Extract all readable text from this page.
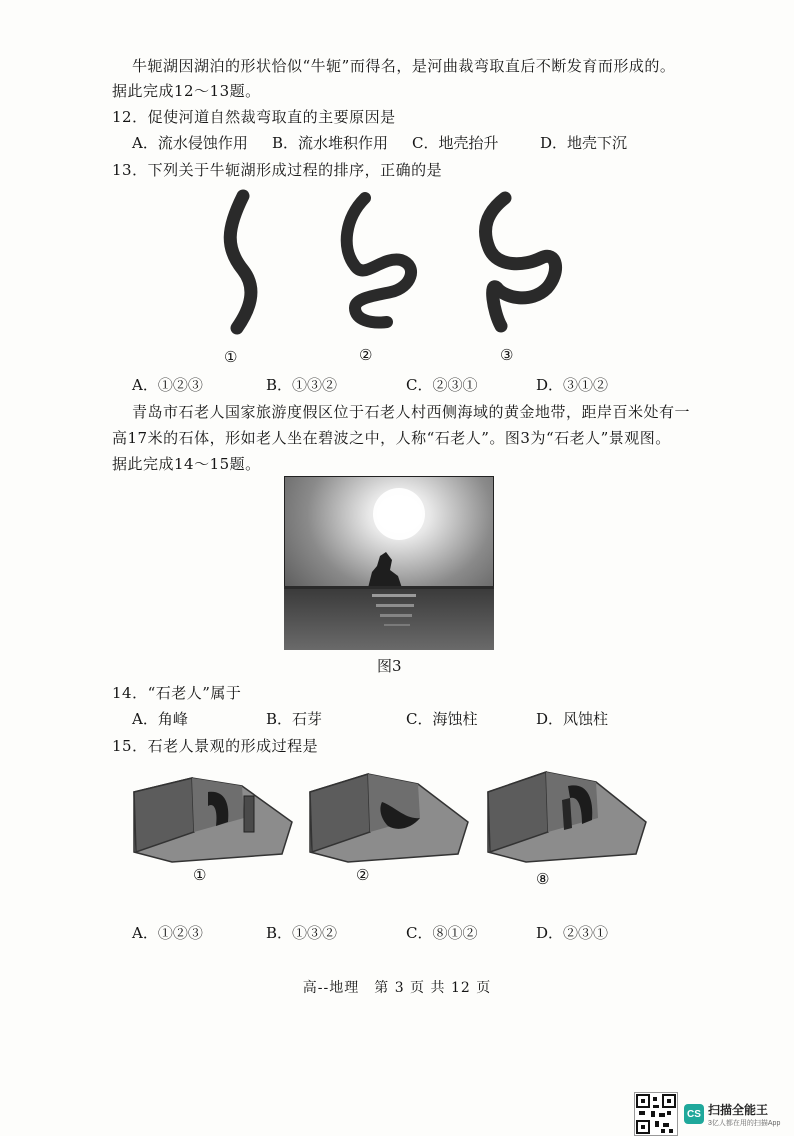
牛轭湖因湖泊的形状恰似“牛轭”而得名，是河曲裁弯取直后不断发育而形成的。
据此完成12～13题。
12．促使河道自然裁弯取直的主要原因是
A．流水侵蚀作用	B．流水堆积作用	C．地壳抬升	D．地壳下沉
13．下列关于牛轭湖形成过程的排序，正确的是
①	②	③
A．①②③	B．①③②	C．②③①	D．③①②
青岛市石老人国家旅游度假区位于石老人村西侧海域的黄金地带，距岸百米处有一
高17米的石体，形如老人坐在碧波之中，人称“石老人”。图3为“石老人”景观图。
据此完成14～15题。
图3
14．“石老人”属于
A．角峰	B．石芽	C．海蚀柱	D．风蚀柱
15．石老人景观的形成过程是
①	②	⑧
A．①②③	B．①③②	C．⑧①②	D．②③①
高--地理　第 3 页 共 12 页
CS 扫描全能王
3亿人都在用的扫描App
